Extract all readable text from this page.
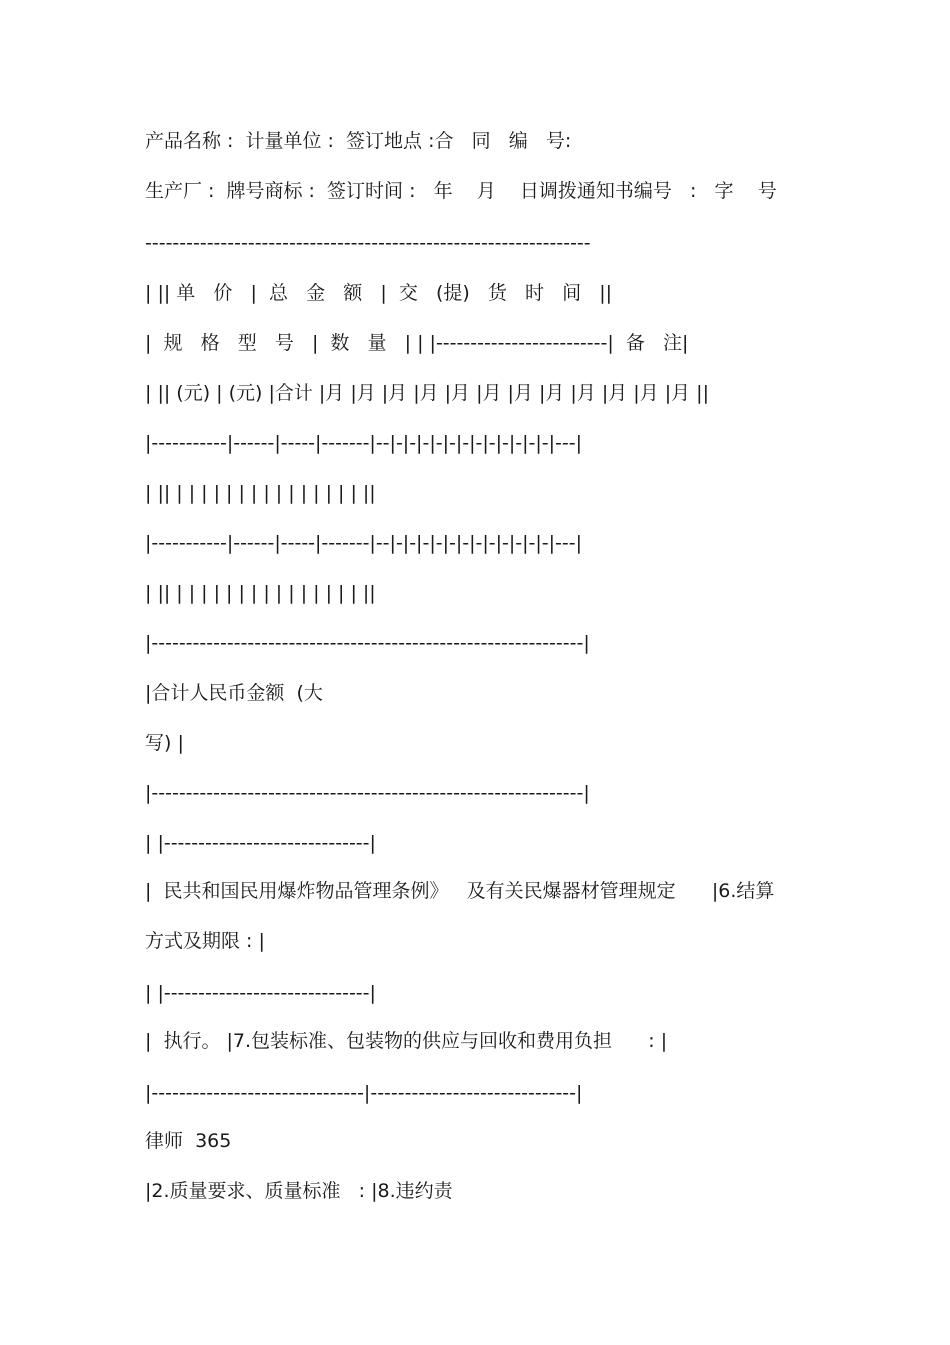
产品名称 :  计量单位 :  签订地点 :合   同   编   号:
生产厂 :  牌号商标 :  签订时间 :   年    月    日调拨通知书编号   :   字    号
-----------------------------------------------------------------
| || 单   价   |  总   金   额   |  交   (提)   货   时   间   ||
|  规   格   型   号   |  数   量   | | |-------------------------|  备   注|
| || (元) | (元) |合计 |月 |月 |月 |月 |月 |月 |月 |月 |月 |月 |月 |月 ||
|-----------|------|-----|-------|--|-|-|-|-|-|-|-|-|-|-|-|-|---|
| || | | | | | | | | | | | | | | | ||
|-----------|------|-----|-------|--|-|-|-|-|-|-|-|-|-|-|-|-|---|
| || | | | | | | | | | | | | | | | ||
|---------------------------------------------------------------|
|合计人民币金额  (大
写) |
|---------------------------------------------------------------|
| |------------------------------|
|  民共和国民用爆炸物品管理条例》   及有关民爆器材管理规定      |6.结算
方式及期限 : |
| |------------------------------|
|  执行。 |7.包装标准、包装物的供应与回收和费用负担      : |
|-------------------------------|------------------------------|
律师  365
|2.质量要求、质量标准   : |8.违约责
